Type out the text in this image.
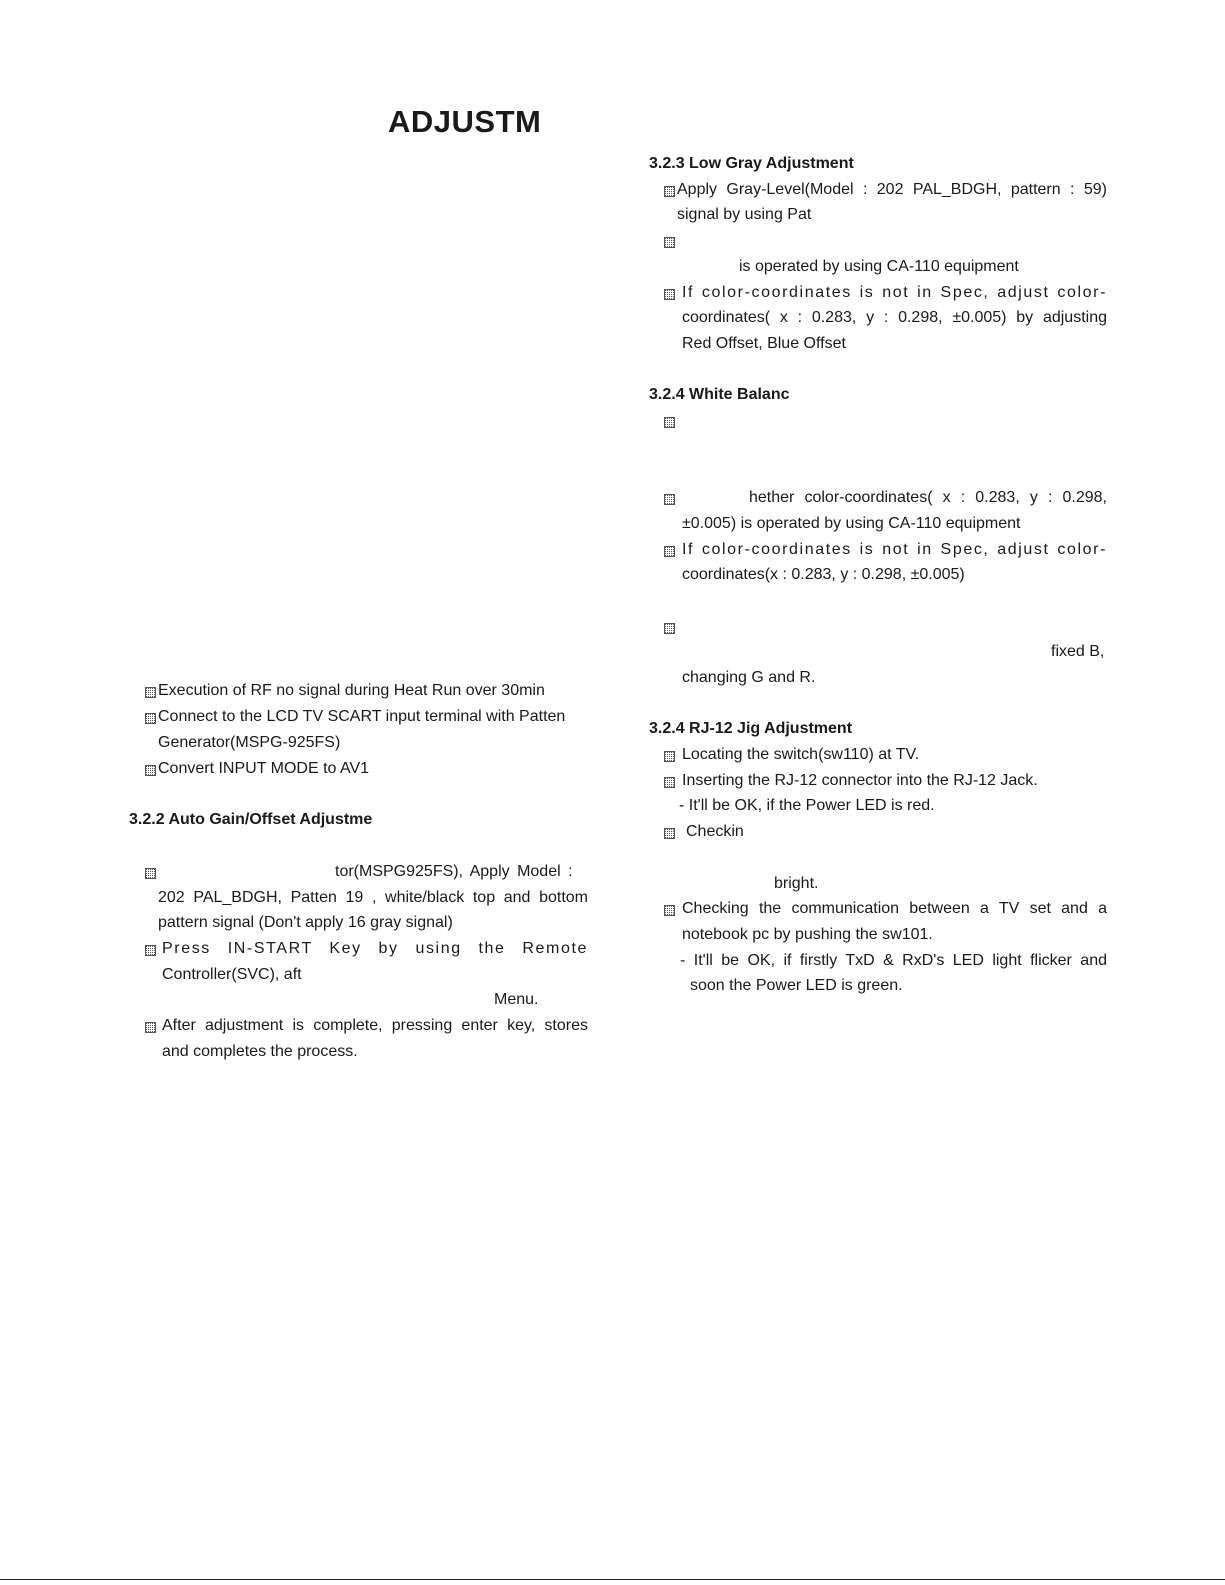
ADJUSTM

Execution of RF no signal during Heat Run over 30min

Connect to the LCD TV SCART input terminal with Patten

Generator(MSPG-925FS)

Convert INPUT MODE to AV1

3.2.2 Auto Gain/Offset Adjustme

tor(MSPG925FS), Apply Model :

202 PAL_BDGH, Patten 19 , white/black top and bottom

pattern signal (Don't apply 16 gray signal)

Press IN-START Key by using the Remote

Controller(SVC), aft

Menu.

After adjustment is complete, pressing enter key, stores

and completes the process.

3.2.3 Low Gray Adjustment

Apply Gray-Level(Model : 202 PAL_BDGH, pattern : 59)

signal by using Pat

is operated by using CA-110 equipment

If color-coordinates is not in Spec, adjust color-

coordinates( x : 0.283, y : 0.298, ±0.005) by adjusting

Red Offset, Blue Offset

3.2.4 White Balanc

hether color-coordinates( x : 0.283, y : 0.298,

±0.005) is operated by using CA-110 equipment

If color-coordinates is not in Spec, adjust color-

coordinates(x : 0.283, y : 0.298, ±0.005)

fixed B,

changing G and R.

3.2.4 RJ-12 Jig Adjustment

Locating the switch(sw110) at TV.

Inserting the RJ-12 connector into the RJ-12 Jack.

- It'll be OK, if the Power LED is red.

Checkin

bright.

Checking the communication between a TV set and a

notebook pc by pushing the sw101.

- It'll be OK, if firstly TxD & RxD's LED light flicker and

soon the Power LED is green.
